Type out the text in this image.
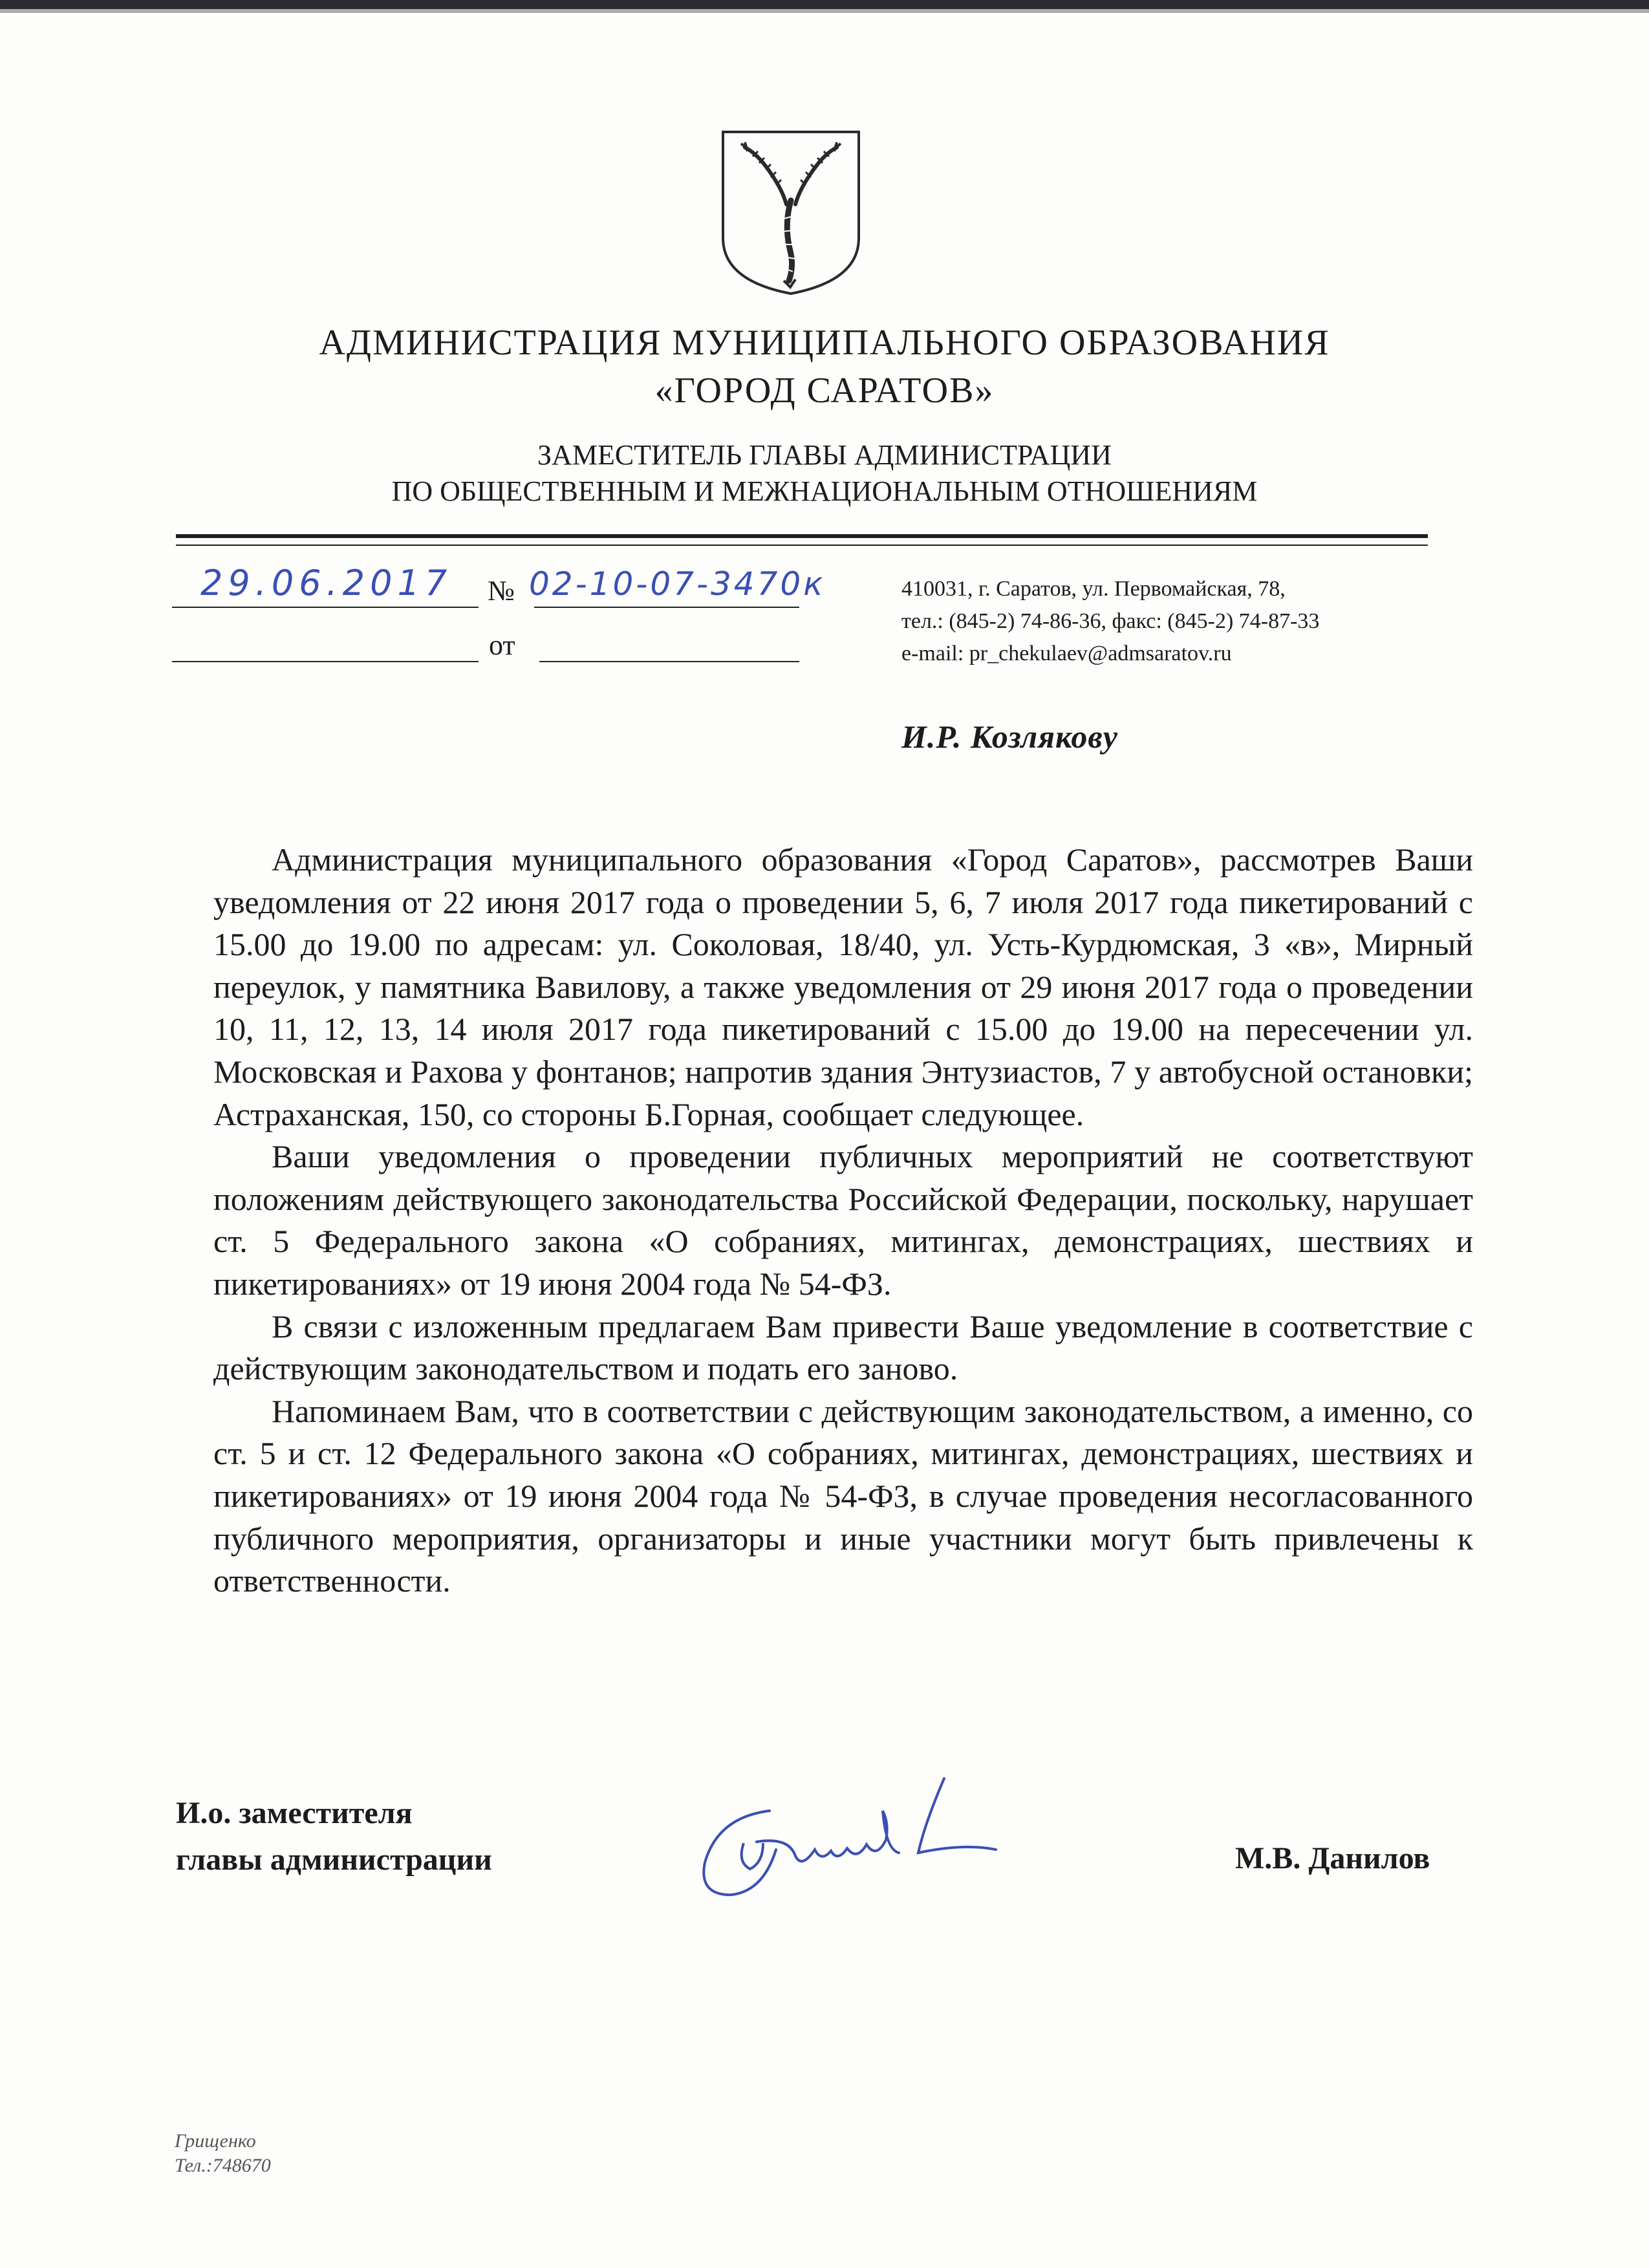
АДМИНИСТРАЦИЯ МУНИЦИПАЛЬНОГО ОБРАЗОВАНИЯ
«ГОРОД САРАТОВ»
ЗАМЕСТИТЕЛЬ ГЛАВЫ АДМИНИСТРАЦИИ
ПО ОБЩЕСТВЕННЫМ И МЕЖНАЦИОНАЛЬНЫМ ОТНОШЕНИЯМ
29.06.2017 № 02-10-07-3470к
от
410031, г. Саратов, ул. Первомайская, 78,
тел.: (845-2) 74-86-36, факс: (845-2) 74-87-33
e-mail: pr_chekulaev@admsaratov.ru
И.Р. Козлякову

Администрация муниципального образования «Город Саратов», рассмотрев Ваши уведомления от 22 июня 2017 года о проведении 5, 6, 7 июля 2017 года пикетирований с 15.00 до 19.00 по адресам: ул. Соколовая, 18/40, ул. Усть-Курдюмская, 3 «в», Мирный переулок, у памятника Вавилову, а также уведомления от 29 июня 2017 года о проведении 10, 11, 12, 13, 14 июля 2017 года пикетирований с 15.00 до 19.00 на пересечении ул. Московская и Рахова у фонтанов; напротив здания Энтузиастов, 7 у автобусной остановки; Астраханская, 150, со стороны Б.Горная, сообщает следующее.

Ваши уведомления о проведении публичных мероприятий не соответствуют положениям действующего законодательства Российской Федерации, поскольку, нарушает ст. 5 Федерального закона «О собраниях, митингах, демонстрациях, шествиях и пикетированиях» от 19 июня 2004 года № 54-ФЗ.

В связи с изложенным предлагаем Вам привести Ваше уведомление в соответствие с действующим законодательством и подать его заново.

Напоминаем Вам, что в соответствии с действующим законодательством, а именно, со ст. 5 и ст. 12 Федерального закона «О собраниях, митингах, демонстрациях, шествиях и пикетированиях» от 19 июня 2004 года № 54-ФЗ, в случае проведения несогласованного публичного мероприятия, организаторы и иные участники могут быть привлечены к ответственности.

И.о. заместителя
главы администрации	М.В. Данилов
Грищенко
Тел.:748670
